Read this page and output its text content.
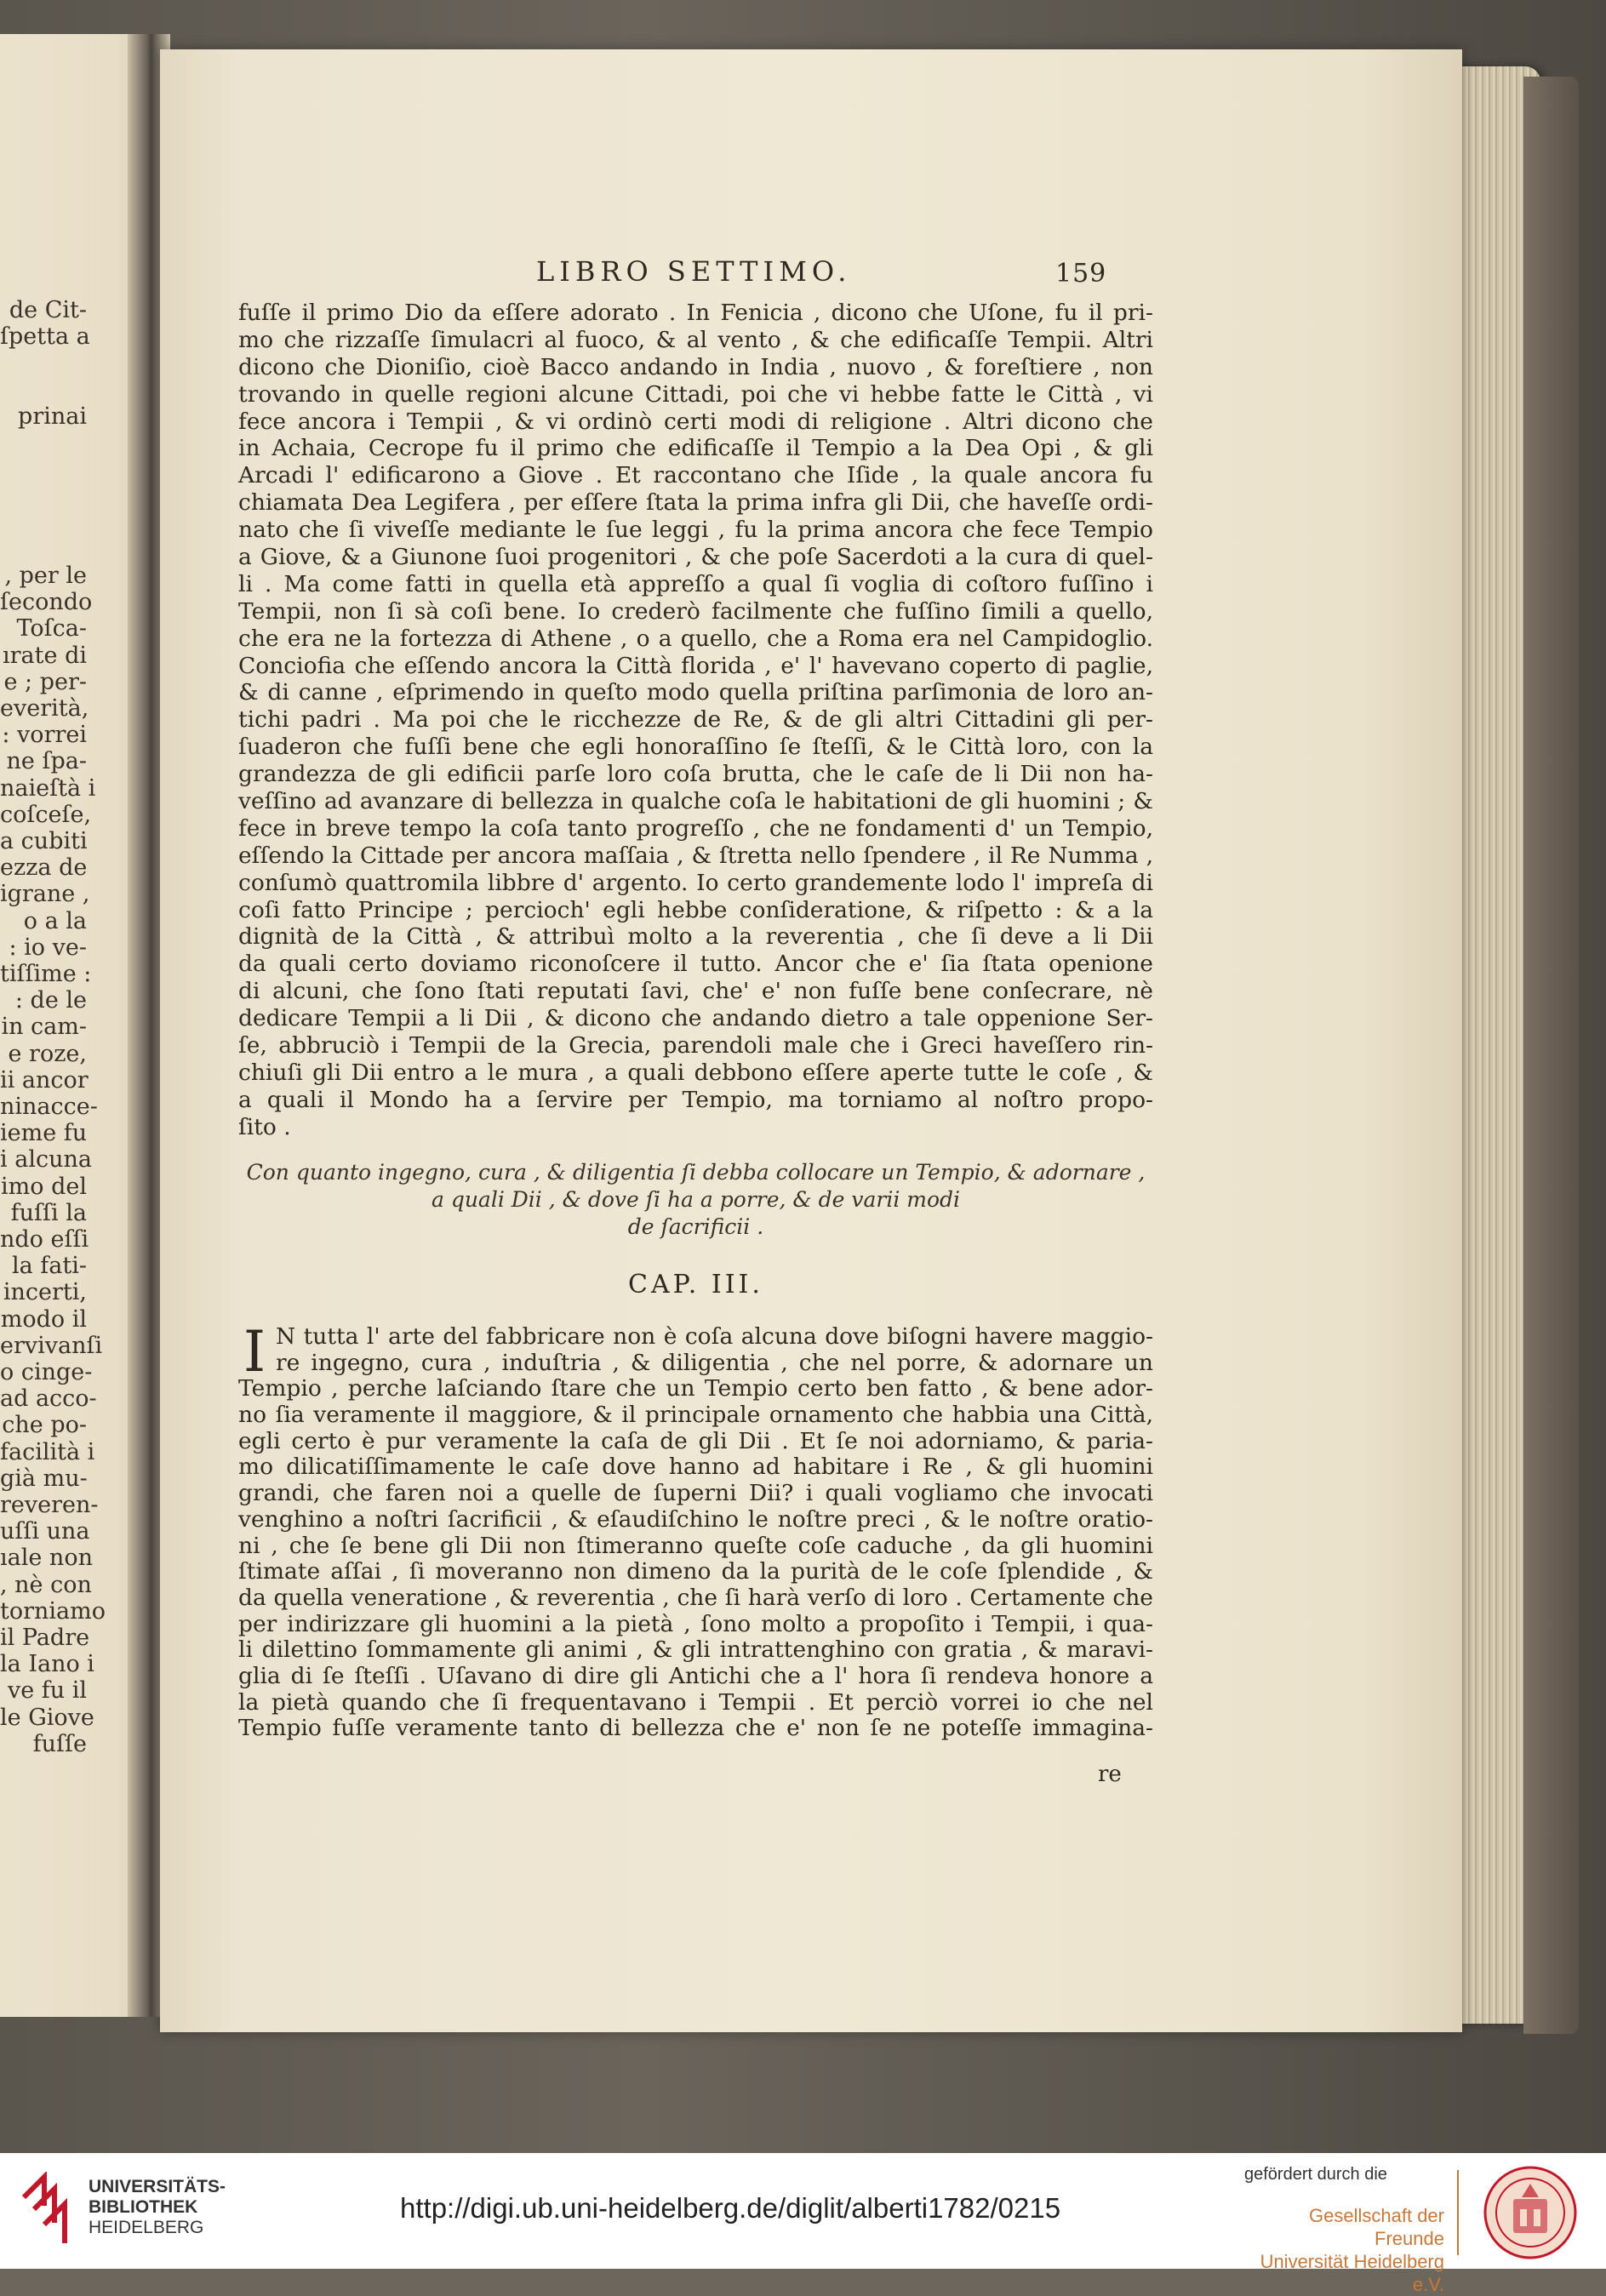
de Cit-
ſpetta a
prinai
, per le
ſecondo
Toſca-
ırate di
e ; per-
everità,
: vorrei
ne ſpa-
naieſtà i
coſceſe,
a cubiti
ezza de
igrane ,
o a la
: io ve-
tiſſime :
: de le
in cam-
e roze,
ii ancor
ninacce-
ieme fu
i alcuna
imo del
fuſſi la
ndo eſſi
la fati-
incerti,
modo il
ervivanſi
o cinge-
ad acco-
che po-
facilità i
già mu-
reveren-
uſſi una
ıale non
, nè con
torniamo
il Padre
la Iano i
ve fu il
le Giove
fuſſe
LIBRO SETTIMO.	159
fuſſe il primo Dio da eſſere adorato . In Fenicia , dicono che Uſone, fu il pri-
mo che rizzaſſe ſimulacri al fuoco, & al vento , & che edificaſſe Tempii. Altri
dicono che Dioniſio, cioè Bacco andando in India , nuovo , & foreſtiere , non
trovando in quelle regioni alcune Cittadi, poi che vi hebbe fatte le Città , vi
fece ancora i Tempii , & vi ordinò certi modi di religione . Altri dicono che
in Achaia, Cecrope fu il primo che edificaſſe il Tempio a la Dea Opi , & gli
Arcadi l' edificarono a Giove . Et raccontano che Iſide , la quale ancora fu
chiamata Dea Legifera , per eſſere ſtata la prima infra gli Dii, che haveſſe ordi-
nato che ſi viveſſe mediante le ſue leggi , fu la prima ancora che fece Tempio
a Giove, & a Giunone ſuoi progenitori , & che poſe Sacerdoti a la cura di quel-
li . Ma come fatti in quella età appreſſo a qual ſi voglia di coſtoro fuſſino i
Tempii, non ſi sà coſi bene. Io crederò facilmente che fuſſino ſimili a quello,
che era ne la fortezza di Athene , o a quello, che a Roma era nel Campidoglio.
Conciofia che eſſendo ancora la Città florida , e' l' havevano coperto di paglie,
& di canne , eſprimendo in queſto modo quella priſtina parſimonia de loro an-
tichi padri . Ma poi che le ricchezze de Re, & de gli altri Cittadini gli per-
ſuaderon che fuſſi bene che egli honoraſſino ſe ſteſſi, & le Città loro, con la
grandezza de gli edificii parſe loro coſa brutta, che le caſe de li Dii non ha-
veſſino ad avanzare di bellezza in qualche coſa le habitationi de gli huomini ; &
fece in breve tempo la coſa tanto progreſſo , che ne fondamenti d' un Tempio,
eſſendo la Cittade per ancora maſſaia , & ſtretta nello ſpendere , il Re Numma ,
conſumò quattromila libbre d' argento. Io certo grandemente lodo l' impreſa di
coſi fatto Principe ; percioch' egli hebbe conſideratione, & riſpetto : & a la
dignità de la Città , & attribuì molto a la reverentia , che ſi deve a li Dii
da quali certo doviamo riconoſcere il tutto. Ancor che e' ſia ſtata openione
di alcuni, che ſono ſtati reputati ſavi, che' e' non fuſſe bene conſecrare, nè
dedicare Tempii a li Dii , & dicono che andando dietro a tale oppenione Ser-
ſe, abbruciò i Tempii de la Grecia, parendoli male che i Greci haveſſero rin-
chiuſi gli Dii entro a le mura , a quali debbono eſſere aperte tutte le coſe , &
a quali il Mondo ha a ſervire per Tempio, ma torniamo al noſtro propo-
ſito .
Con quanto ingegno, cura , & diligentia ſi debba collocare un Tempio, & adornare ,
a quali Dii , & dove ſi ha a porre, & de varii modi
de ſacrificii .
CAP. III.
I N tutta l' arte del fabbricare non è coſa alcuna dove biſogni havere maggio-
re ingegno, cura , induſtria , & diligentia , che nel porre, & adornare un
Tempio , perche laſciando ſtare che un Tempio certo ben fatto , & bene ador-
no ſia veramente il maggiore, & il principale ornamento che habbia una Città,
egli certo è pur veramente la caſa de gli Dii . Et ſe noi adorniamo, & paria-
mo dilicatiſſimamente le caſe dove hanno ad habitare i Re , & gli huomini
grandi, che faren noi a quelle de ſuperni Dii? i quali vogliamo che invocati
venghino a noſtri ſacrificii , & eſaudiſchino le noſtre preci , & le noſtre oratio-
ni , che ſe bene gli Dii non ſtimeranno queſte coſe caduche , da gli huomini
ſtimate aſſai , ſi moveranno non dimeno da la purità de le coſe ſplendide , &
da quella veneratione , & reverentia , che ſi harà verſo di loro . Certamente che
per indirizzare gli huomini a la pietà , ſono molto a propoſito i Tempii, i qua-
li dilettino ſommamente gli animi , & gli intrattenghino con gratia , & maravi-
glia di ſe ſteſſi . Uſavano di dire gli Antichi che a l' hora ſi rendeva honore a
la pietà quando che ſi frequentavano i Tempii . Et perciò vorrei io che nel
Tempio fuſſe veramente tanto di bellezza che e' non ſe ne poteſſe immagina-
re
UNIVERSITÄTS-
BIBLIOTHEK
HEIDELBERG
http://digi.ub.uni-heidelberg.de/diglit/alberti1782/0215
gefördert durch die
Gesellschaft der Freunde
Universität Heidelberg e.V.
